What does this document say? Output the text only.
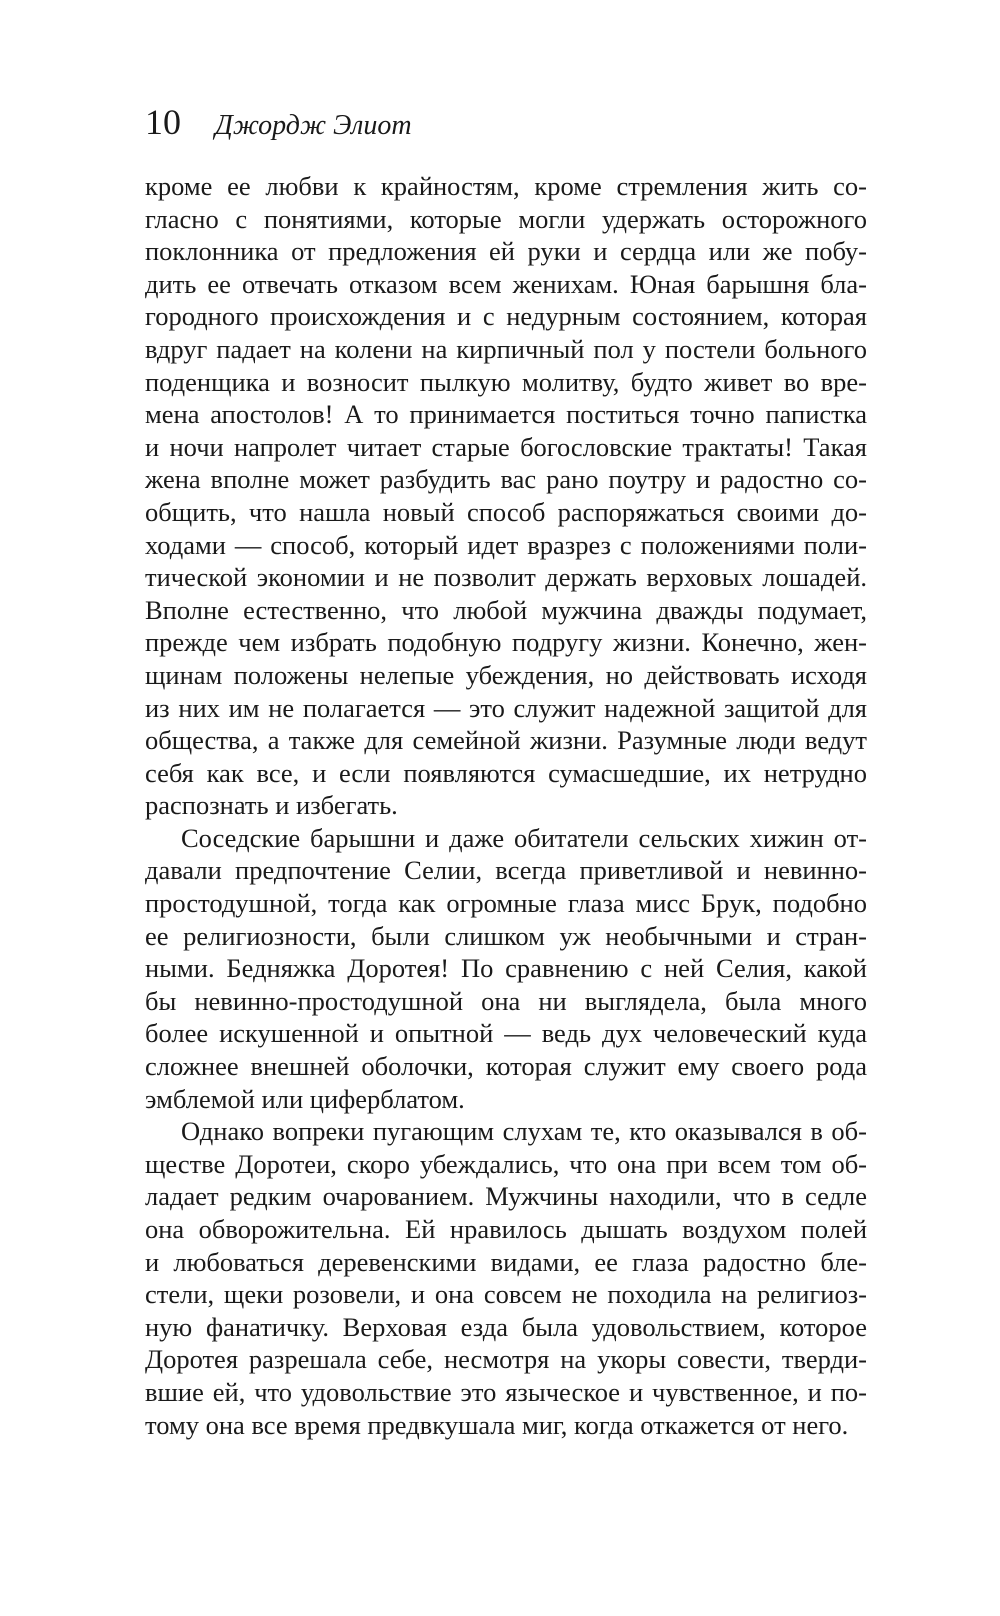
10 Джордж Элиот
кроме ее любви к крайностям, кроме стремления жить со-
гласно с понятиями, которые могли удержать осторожного
поклонника от предложения ей руки и сердца или же побу-
дить ее отвечать отказом всем женихам. Юная барышня бла-
городного происхождения и с недурным состоянием, которая
вдруг падает на колени на кирпичный пол у постели больного
поденщика и возносит пылкую молитву, будто живет во вре-
мена апостолов! А то принимается поститься точно папистка
и ночи напролет читает старые богословские трактаты! Такая
жена вполне может разбудить вас рано поутру и радостно со-
общить, что нашла новый способ распоряжаться своими до-
ходами — способ, который идет вразрез с положениями поли-
тической экономии и не позволит держать верховых лошадей.
Вполне естественно, что любой мужчина дважды подумает,
прежде чем избрать подобную подругу жизни. Конечно, жен-
щинам положены нелепые убеждения, но действовать исходя
из них им не полагается — это служит надежной защитой для
общества, а также для семейной жизни. Разумные люди ведут
себя как все, и если появляются сумасшедшие, их нетрудно
распознать и избегать.
Соседские барышни и даже обитатели сельских хижин от-
давали предпочтение Селии, всегда приветливой и невинно-
простодушной, тогда как огромные глаза мисс Брук, подобно
ее религиозности, были слишком уж необычными и стран-
ными. Бедняжка Доротея! По сравнению с ней Селия, какой
бы невинно-простодушной она ни выглядела, была много
более искушенной и опытной — ведь дух человеческий куда
сложнее внешней оболочки, которая служит ему своего рода
эмблемой или циферблатом.
Однако вопреки пугающим слухам те, кто оказывался в об-
ществе Доротеи, скоро убеждались, что она при всем том об-
ладает редким очарованием. Мужчины находили, что в седле
она обворожительна. Ей нравилось дышать воздухом полей
и любоваться деревенскими видами, ее глаза радостно бле-
стели, щеки розовели, и она совсем не походила на религиоз-
ную фанатичку. Верховая езда была удовольствием, которое
Доротея разрешала себе, несмотря на укоры совести, тверди-
вшие ей, что удовольствие это языческое и чувственное, и по-
тому она все время предвкушала миг, когда откажется от него.
